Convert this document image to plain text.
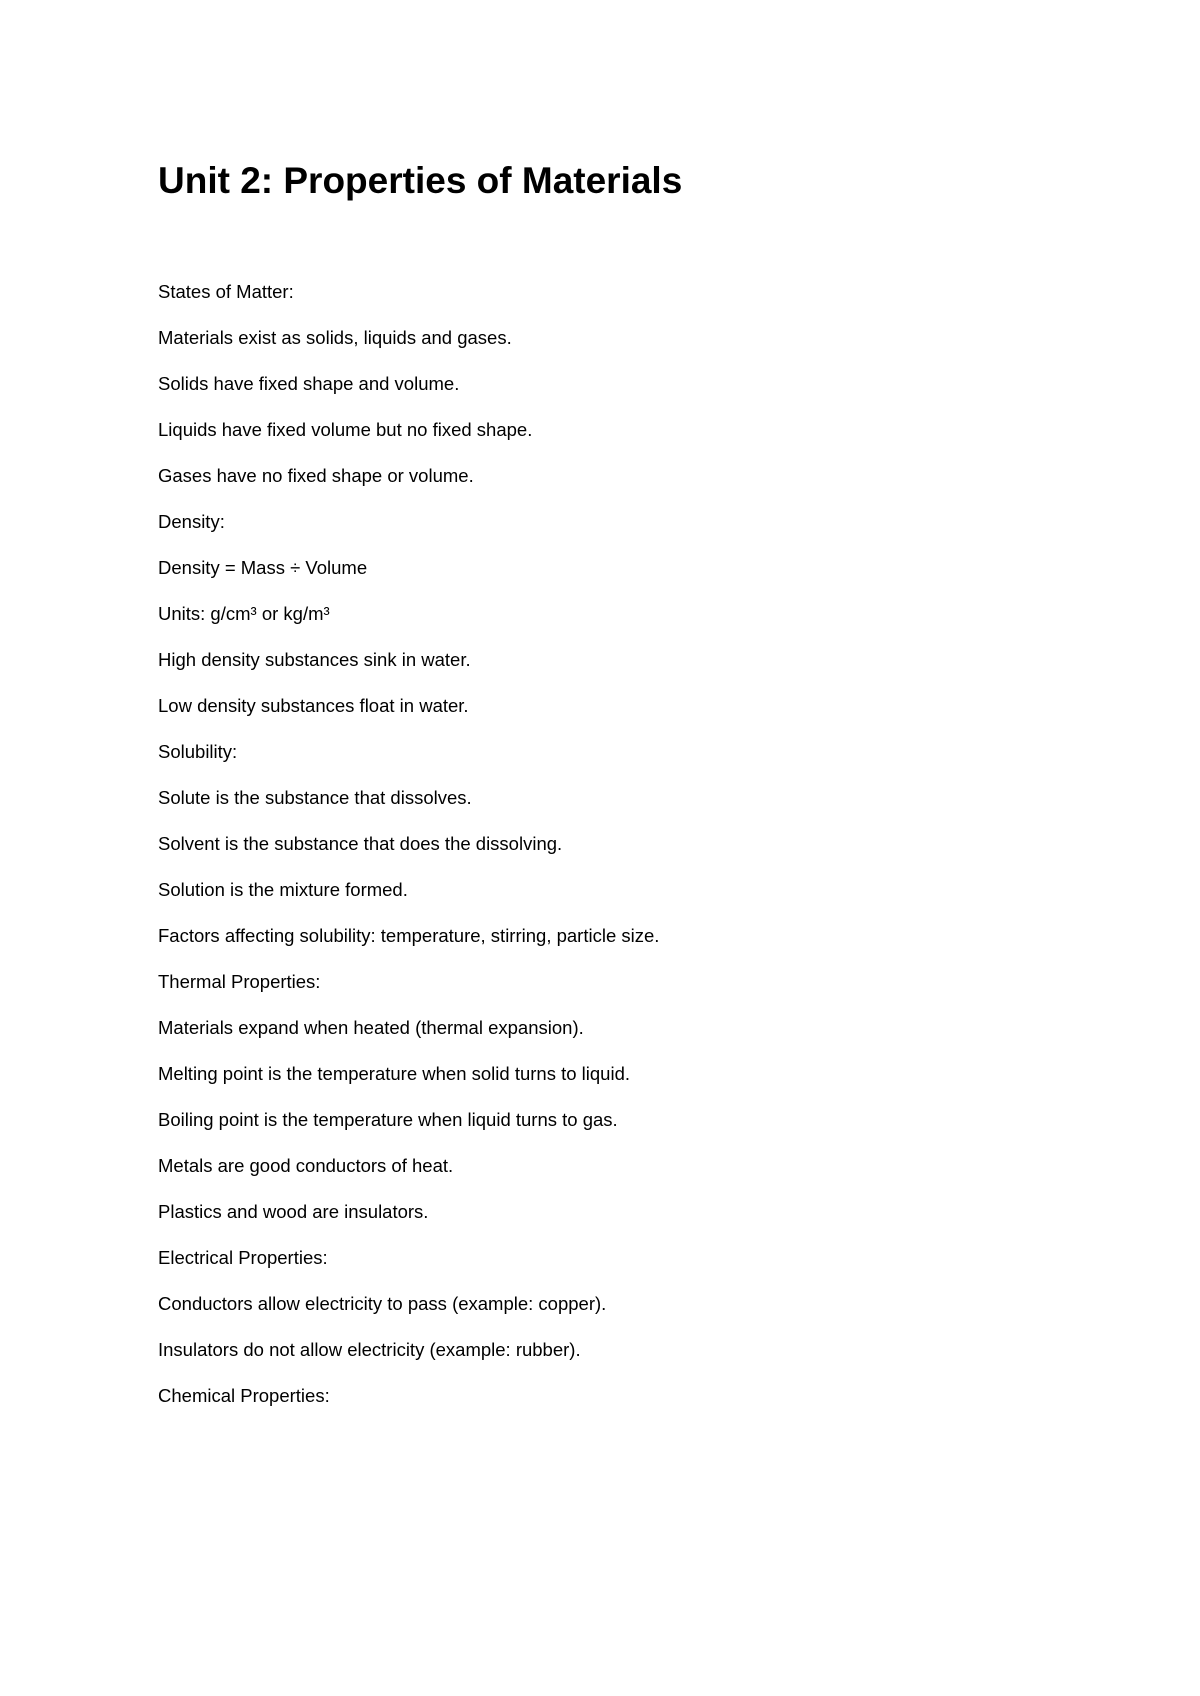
Unit 2: Properties of Materials
States of Matter:
Materials exist as solids, liquids and gases.
Solids have fixed shape and volume.
Liquids have fixed volume but no fixed shape.
Gases have no fixed shape or volume.
Density:
Density = Mass ÷ Volume
Units: g/cm³ or kg/m³
High density substances sink in water.
Low density substances float in water.
Solubility:
Solute is the substance that dissolves.
Solvent is the substance that does the dissolving.
Solution is the mixture formed.
Factors affecting solubility: temperature, stirring, particle size.
Thermal Properties:
Materials expand when heated (thermal expansion).
Melting point is the temperature when solid turns to liquid.
Boiling point is the temperature when liquid turns to gas.
Metals are good conductors of heat.
Plastics and wood are insulators.
Electrical Properties:
Conductors allow electricity to pass (example: copper).
Insulators do not allow electricity (example: rubber).
Chemical Properties:
